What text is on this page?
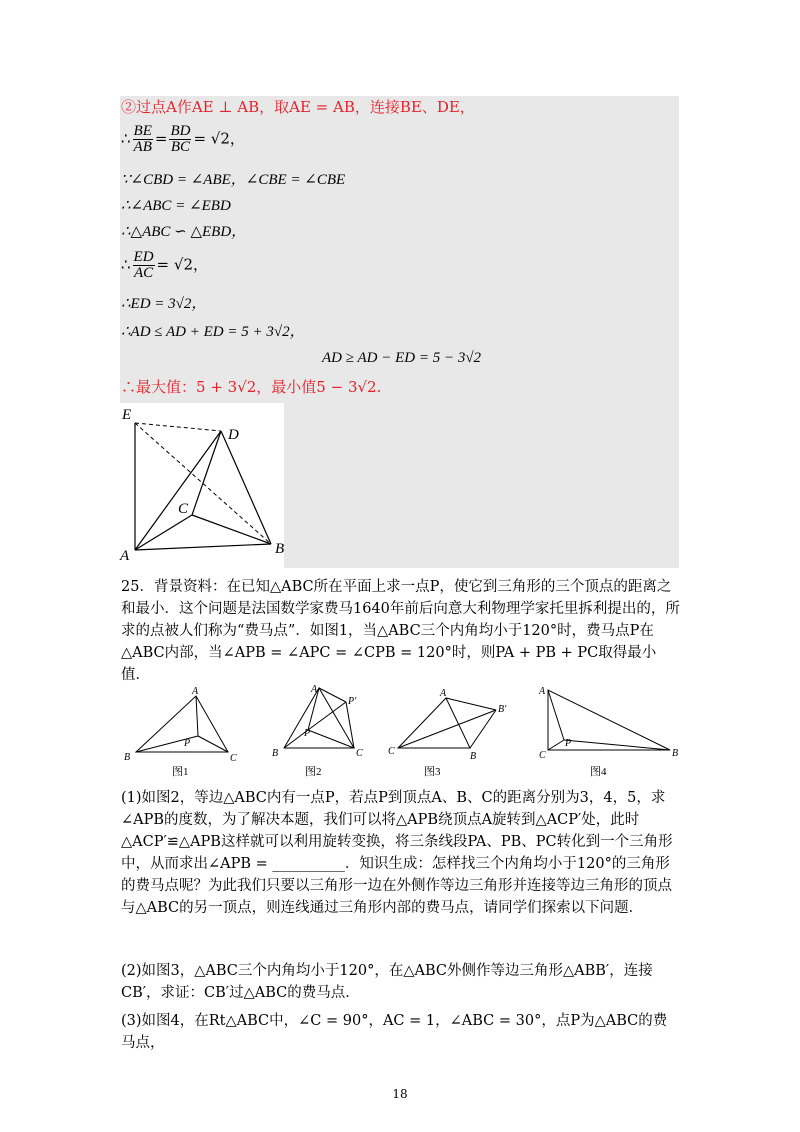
②过点A作AE ⊥ AB，取AE = AB，连接BE、DE，
∴ $\frac{BE}{AB} = \frac{BD}{BC} = √2$，
∵∠CBD = ∠ABE，∠CBE = ∠CBE
∴∠ABC = ∠EBD
∴△ABC ∽ △EBD，
∴ $\frac{ED}{AC} = √2$，
∴ED = 3√2，
∴AD ≤ AD + ED = 5 + 3√2，
AD ≥ AD − ED = 5 − 3√2
∴最大值：5 + 3√2，最小值5 − 3√2.
E
D
C
A	B
25．背景资料：在已知△ABC所在平面上求一点P，使它到三角形的三个顶点的距离之和最小．这个问题是法国数学家费马1640年前后向意大利物理学家托里拆利提出的，所求的点被人们称为“费马点”．如图1，当△ABC三个内角均小于120°时，费马点P在△ABC内部，当∠APB = ∠APC = ∠CPB = 120°时，则PA + PB + PC取得最小值．
A
B	C
P
A
B	C
P
P′
A
C	B
B′
A
C	B
P
图1	图2	图3	图4
(1)如图2，等边△ABC内有一点P，若点P到顶点A、B、C的距离分别为3，4，5，求∠APB的度数，为了解决本题，我们可以将△APB绕顶点A旋转到△ACP′处，此时△ACP′≌△APB这样就可以利用旋转变换，将三条线段PA、PB、PC转化到一个三角形中，从而求出∠APB = __________．知识生成：怎样找三个内角均小于120°的三角形的费马点呢？为此我们只要以三角形一边在外侧作等边三角形并连接等边三角形的顶点与△ABC的另一顶点，则连线通过三角形内部的费马点，请同学们探索以下问题．
(2)如图3，△ABC三个内角均小于120°，在△ABC外侧作等边三角形△ABB′，连接CB′，求证：CB′过△ABC的费马点．
(3)如图4，在Rt△ABC中，∠C = 90°，AC = 1，∠ABC = 30°，点P为△ABC的费马点，
18
